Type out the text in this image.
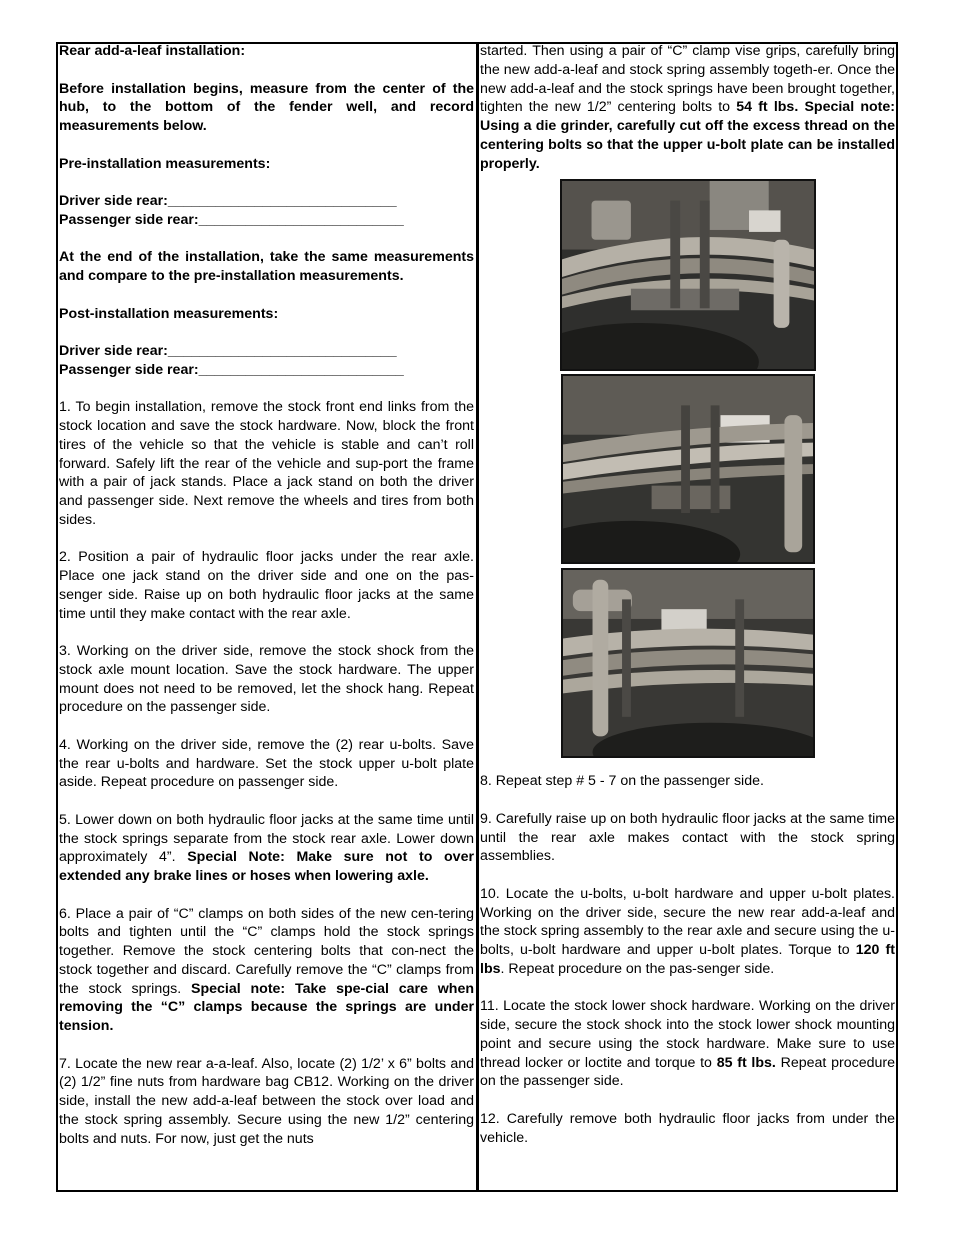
Rear add-a-leaf installation:

Before installation begins, measure from the center of the hub, to the bottom of the fender well, and record measurements below.

Pre-installation measurements:

Driver side rear:_____________________________

Passenger side rear:__________________________

At the end of the installation, take the same measurements and compare to the pre-installation measurements.

Post-installation measurements:

Driver side rear:_____________________________

Passenger side rear:__________________________

1. To begin installation, remove the stock front end links from the stock location and save the stock hardware. Now, block the front tires of the vehicle so that the vehicle is stable and can’t roll forward. Safely lift the rear of the vehicle and sup-port the frame with a pair of jack stands. Place a jack stand on both the driver and passenger side. Next remove the wheels and tires from both sides.

2. Position a pair of hydraulic floor jacks under the rear axle. Place one jack stand on the driver side and one on the pas-senger side. Raise up on both hydraulic floor jacks at the same time until they make contact with the rear axle.

3. Working on the driver side, remove the stock shock from the stock axle mount location. Save the stock hardware. The upper mount does not need to be removed, let the shock hang. Repeat procedure on the passenger side.

4. Working on the driver side, remove the (2) rear u-bolts. Save the rear u-bolts and hardware. Set the stock upper u-bolt plate aside. Repeat procedure on passenger side.

5. Lower down on both hydraulic floor jacks at the same time until the stock springs separate from the stock rear axle. Lower down approximately 4”. Special Note: Make sure not to over extended any brake lines or hoses when lowering axle.

6. Place a pair of “C” clamps on both sides of the new cen-tering bolts and tighten until the “C” clamps hold the stock springs together. Remove the stock centering bolts that con-nect the stock together and discard. Carefully remove the “C” clamps from the stock springs. Special note: Take spe-cial care when removing the “C” clamps because the springs are under tension.

7. Locate the new rear a-a-leaf. Also, locate (2) 1/2’ x 6” bolts and (2) 1/2” fine nuts from hardware bag CB12. Working on the driver side, install the new add-a-leaf between the stock over load and the stock spring assembly. Secure using the new 1/2” centering bolts and nuts. For now, just get the nuts

started. Then using a pair of “C” clamp vise grips, carefully bring the new add-a-leaf and stock spring assembly togeth-er. Once the new add-a-leaf and the stock springs have been brought together, tighten the new 1/2” centering bolts to 54 ft lbs. Special note: Using a die grinder, carefully cut off the excess thread on the centering bolts so that the upper u-bolt plate can be installed properly.

8. Repeat step # 5 - 7 on the passenger side.

9. Carefully raise up on both hydraulic floor jacks at the same time until the rear axle makes contact with the stock spring assemblies.

10. Locate the u-bolts, u-bolt hardware and upper u-bolt plates. Working on the driver side, secure the new rear add-a-leaf and the stock spring assembly to the rear axle and secure using the u-bolts, u-bolt hardware and upper u-bolt plates. Torque to 120 ft lbs. Repeat procedure on the pas-senger side.

11. Locate the stock lower shock hardware. Working on the driver side, secure the stock shock into the stock lower shock mounting point and secure using the stock hardware. Make sure to use thread locker or loctite and torque to 85 ft lbs. Repeat procedure on the passenger side.

12. Carefully remove both hydraulic floor jacks from under the vehicle.
